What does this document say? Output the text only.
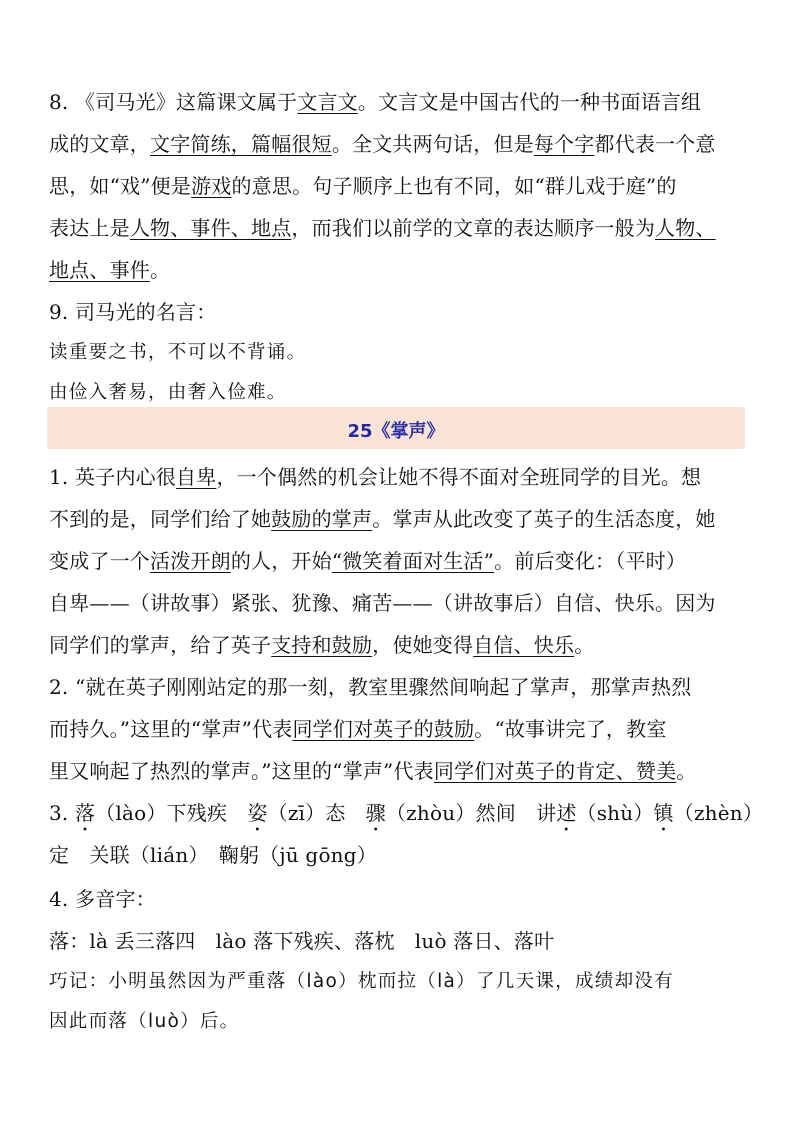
8. 《司马光》这篇课文属于文言文。文言文是中国古代的一种书面语言组
成的文章，文字简练，篇幅很短。全文共两句话，但是每个字都代表一个意
思，如“戏”便是游戏的意思。句子顺序上也有不同，如“群儿戏于庭”的
表达上是人物、事件、地点，而我们以前学的文章的表达顺序一般为人物、
地点、事件。
9. 司马光的名言：
读重要之书，不可以不背诵。
由俭入奢易，由奢入俭难。
25《掌声》
1. 英子内心很自卑，一个偶然的机会让她不得不面对全班同学的目光。想
不到的是，同学们给了她鼓励的掌声。掌声从此改变了英子的生活态度，她
变成了一个活泼开朗的人，开始“微笑着面对生活”。前后变化：（平时）
自卑——（讲故事）紧张、犹豫、痛苦——（讲故事后）自信、快乐。因为
同学们的掌声，给了英子支持和鼓励，使她变得自信、快乐。
2. “就在英子刚刚站定的那一刻，教室里骤然间响起了掌声，那掌声热烈
而持久。”这里的“掌声”代表同学们对英子的鼓励。“故事讲完了，教室
里又响起了热烈的掌声。”这里的“掌声”代表同学们对英子的肯定、赞美。
3. 落（lào）下残疾　姿（zī）态　骤（zhòu）然间　讲述（shù）镇（zhèn）
定　关联（lián）　鞠躬（jū gōng）
4. 多音字：
落：là 丢三落四　lào 落下残疾、落枕　luò 落日、落叶
巧记：小明虽然因为严重落（lào）枕而拉（là）了几天课，成绩却没有
因此而落（luò）后。
